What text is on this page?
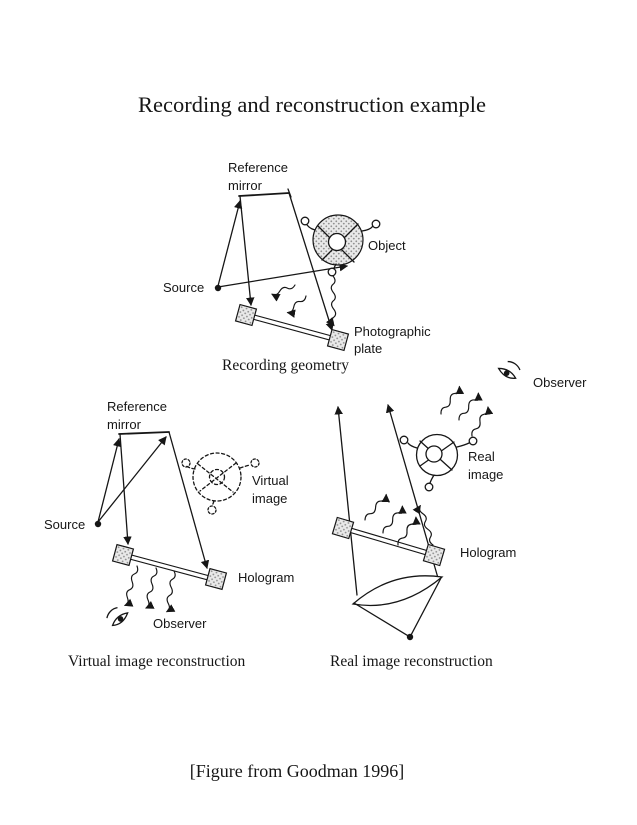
Recording and reconstruction example
[Figure from Goodman 1996]
Reference
mirror
Source
Object
Photographic
plate
Recording geometry
Reference
mirror
Source
Virtual
image
Hologram
Observer
Virtual image reconstruction
Observer
Real
image
Hologram
Real image reconstruction
